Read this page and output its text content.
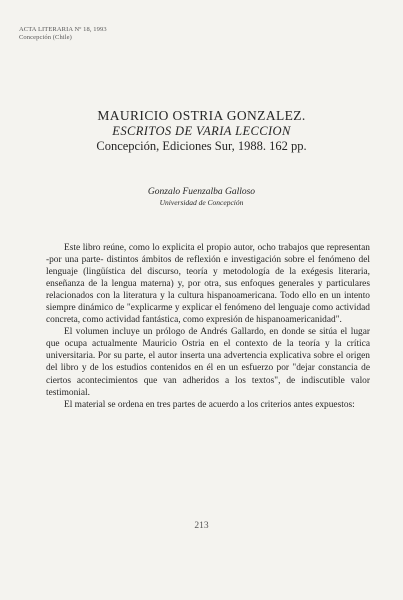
ACTA LITERARIA Nº 18, 1993
Concepción (Chile)
MAURICIO OSTRIA GONZALEZ.
ESCRITOS DE VARIA LECCION
Concepción, Ediciones Sur, 1988. 162 pp.
Gonzalo Fuenzalba Galloso
Universidad de Concepción

Este libro reúne, como lo explicita el propio autor, ocho trabajos que representan -por una parte- distintos ámbitos de reflexión e investigación sobre el fenómeno del lenguaje (lingüística del discurso, teoría y metodología de la exégesis literaria, enseñanza de la lengua materna) y, por otra, sus enfoques generales y particulares relacionados con la literatura y la cultura hispanoamericana. Todo ello en un intento siempre dinámico de "explicarme y explicar el fenómeno del lenguaje como actividad concreta, como actividad fantástica, como expresión de hispanoamericanidad".

El volumen incluye un prólogo de Andrés Gallardo, en donde se sitúa el lugar que ocupa actualmente Mauricio Ostria en el contexto de la teoría y la crítica universitaria. Por su parte, el autor inserta una advertencia explicativa sobre el origen del libro y de los estudios contenidos en él en un esfuerzo por "dejar constancia de ciertos acontecimientos que van adheridos a los textos", de indiscutible valor testimonial.

El material se ordena en tres partes de acuerdo a los criterios antes expuestos:

213
